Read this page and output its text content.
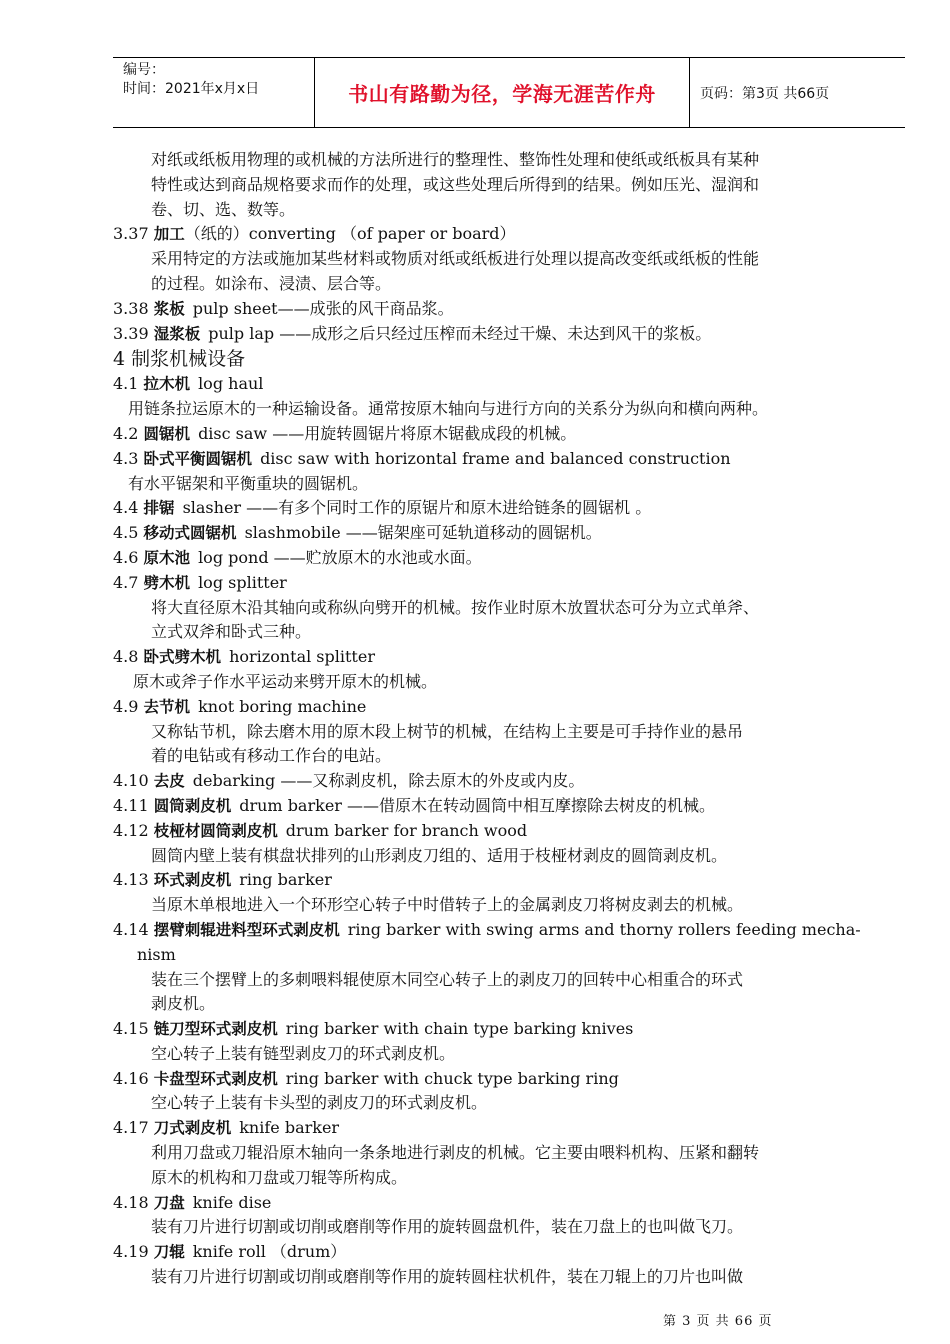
编号：
时间：2021年x月x日	书山有路勤为径，学海无涯苦作舟	页码：第3页 共66页
对纸或纸板用物理的或机械的方法所进行的整理性、整饰性处理和使纸或纸板具有某种
特性或达到商品规格要求而作的处理，或这些处理后所得到的结果。例如压光、湿润和
卷、切、选、数等。
3.37 加工（纸的）converting （of paper or board）
采用特定的方法或施加某些材料或物质对纸或纸板进行处理以提高改变纸或纸板的性能
的过程。如涂布、浸渍、层合等。
3.38 浆板 pulp sheet——成张的风干商品浆。
3.39 湿浆板 pulp lap ——成形之后只经过压榨而未经过干燥、未达到风干的浆板。
4 制浆机械设备
4.1 拉木机 log haul
用链条拉运原木的一种运输设备。通常按原木轴向与进行方向的关系分为纵向和横向两种。
4.2 圆锯机 disc saw ——用旋转圆锯片将原木锯截成段的机械。
4.3 卧式平衡圆锯机 disc saw with horizontal frame and balanced construction
有水平锯架和平衡重块的圆锯机。
4.4 排锯 slasher ——有多个同时工作的原锯片和原木进给链条的圆锯机 。
4.5 移动式圆锯机 slashmobile ——锯架座可延轨道移动的圆锯机。
4.6 原木池 log pond ——贮放原木的水池或水面。
4.7 劈木机 log splitter
将大直径原木沿其轴向或称纵向劈开的机械。按作业时原木放置状态可分为立式单斧、
立式双斧和卧式三种。
4.8 卧式劈木机 horizontal splitter
原木或斧子作水平运动来劈开原木的机械。
4.9 去节机 knot boring machine
又称钻节机，除去磨木用的原木段上树节的机械，在结构上主要是可手持作业的悬吊
着的电钻或有移动工作台的电站。
4.10 去皮 debarking ——又称剥皮机，除去原木的外皮或内皮。
4.11 圆筒剥皮机 drum barker ——借原木在转动圆筒中相互摩擦除去树皮的机械。
4.12 枝桠材圆筒剥皮机 drum barker for branch wood
圆筒内壁上装有棋盘状排列的山形剥皮刀组的、适用于枝桠材剥皮的圆筒剥皮机。
4.13 环式剥皮机 ring barker
当原木单根地进入一个环形空心转子中时借转子上的金属剥皮刀将树皮剥去的机械。
4.14 摆臂刺辊进料型环式剥皮机 ring barker with swing arms and thorny rollers feeding mecha-
nism
装在三个摆臂上的多刺喂料辊使原木同空心转子上的剥皮刀的回转中心相重合的环式
剥皮机。
4.15 链刀型环式剥皮机 ring barker with chain type barking knives
空心转子上装有链型剥皮刀的环式剥皮机。
4.16 卡盘型环式剥皮机 ring barker with chuck type barking ring
空心转子上装有卡头型的剥皮刀的环式剥皮机。
4.17 刀式剥皮机 knife barker
利用刀盘或刀辊沿原木轴向一条条地进行剥皮的机械。它主要由喂料机构、压紧和翻转
原木的机构和刀盘或刀辊等所构成。
4.18 刀盘 knife dise
装有刀片进行切割或切削或磨削等作用的旋转圆盘机件，装在刀盘上的也叫做飞刀。
4.19 刀辊 knife roll （drum）
装有刀片进行切割或切削或磨削等作用的旋转圆柱状机件，装在刀辊上的刀片也叫做
第 3 页 共 66 页
